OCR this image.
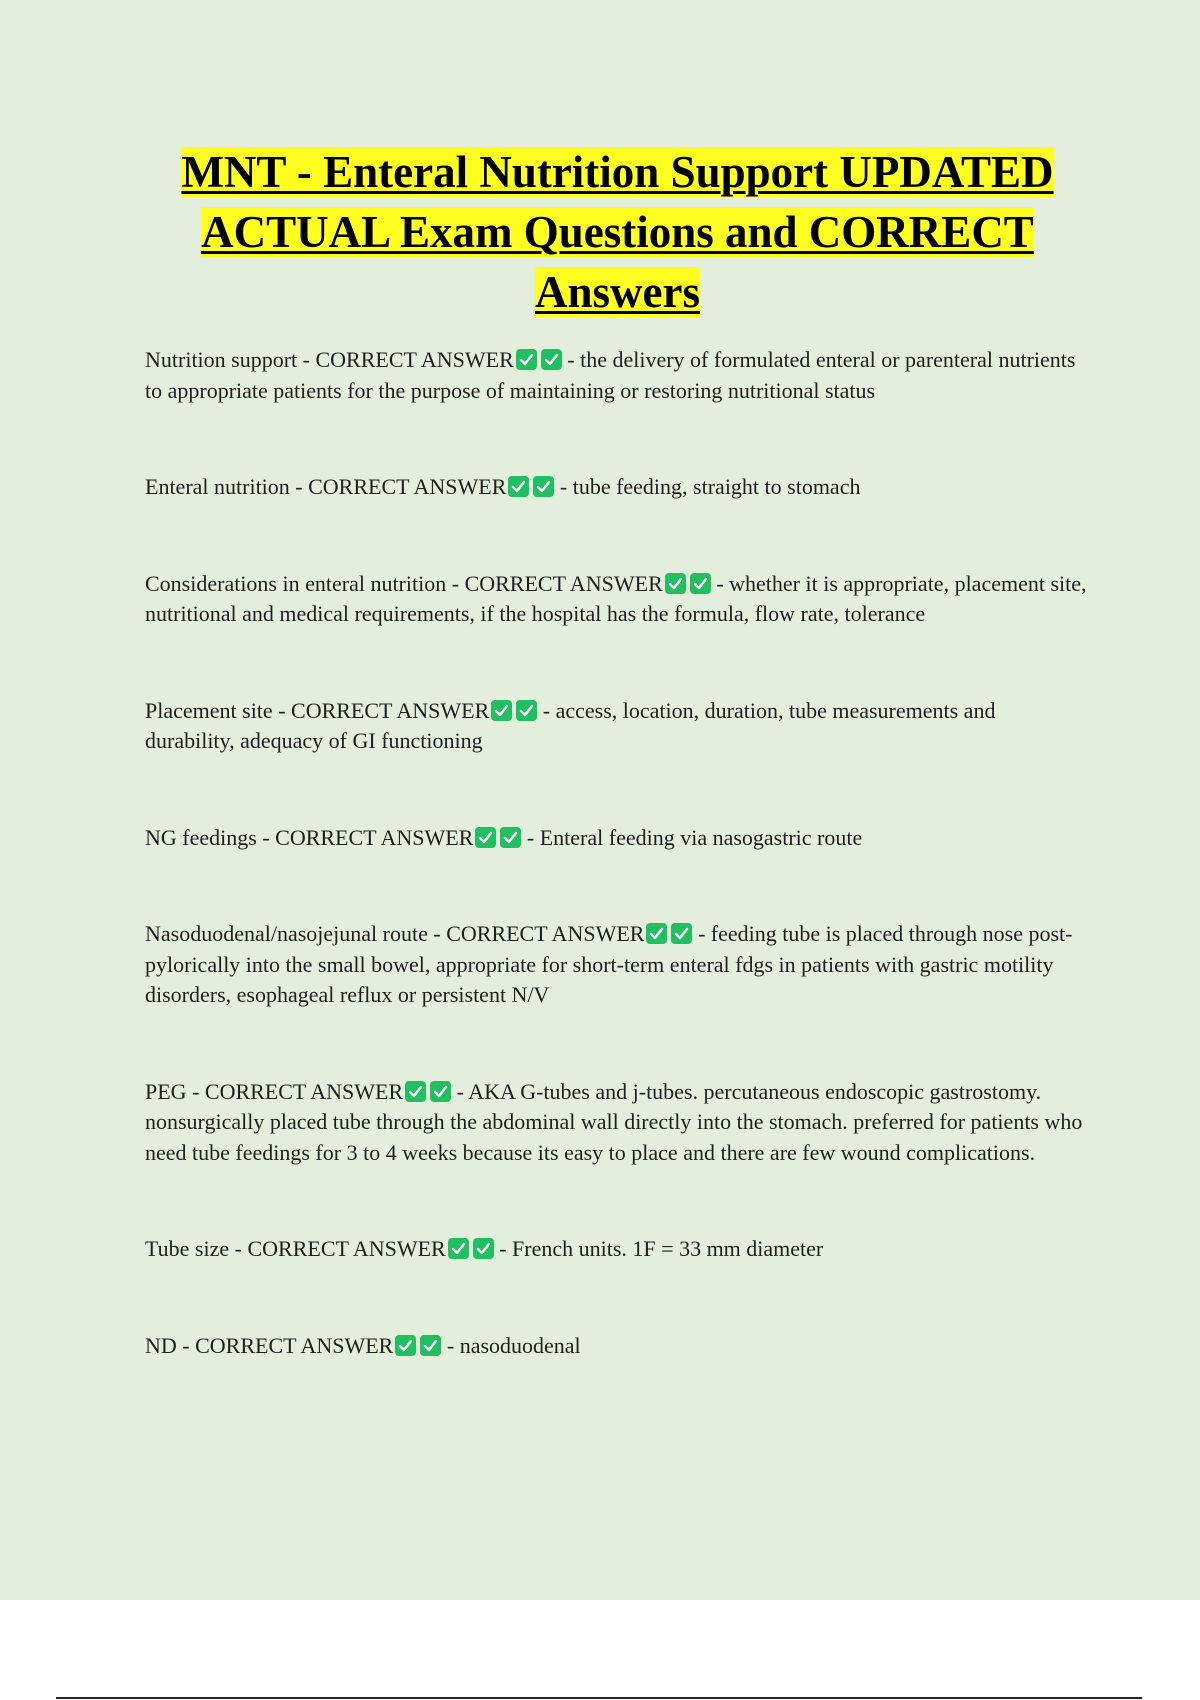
MNT - Enteral Nutrition Support UPDATED ACTUAL Exam Questions and CORRECT Answers
Nutrition support - CORRECT ANSWER
- the delivery of formulated enteral or parenteral nutrients to appropriate patients for the purpose of maintaining or restoring nutritional status
Enteral nutrition - CORRECT ANSWER
- tube feeding, straight to stomach
Considerations in enteral nutrition - CORRECT ANSWER
- whether it is appropriate, placement site, nutritional and medical requirements, if the hospital has the formula, flow rate, tolerance
Placement site - CORRECT ANSWER
- access, location, duration, tube measurements and durability, adequacy of GI functioning
NG feedings - CORRECT ANSWER
- Enteral feeding via nasogastric route
Nasoduodenal/nasojejunal route - CORRECT ANSWER
- feeding tube is placed through nose post-pylorically into the small bowel, appropriate for short-term enteral fdgs in patients with gastric motility disorders, esophageal reflux or persistent N/V
PEG - CORRECT ANSWER
- AKA G-tubes and j-tubes. percutaneous endoscopic gastrostomy. nonsurgically placed tube through the abdominal wall directly into the stomach. preferred for patients who need tube feedings for 3 to 4 weeks because its easy to place and there are few wound complications.
Tube size - CORRECT ANSWER
- French units. 1F = 33 mm diameter
ND - CORRECT ANSWER
- nasoduodenal
